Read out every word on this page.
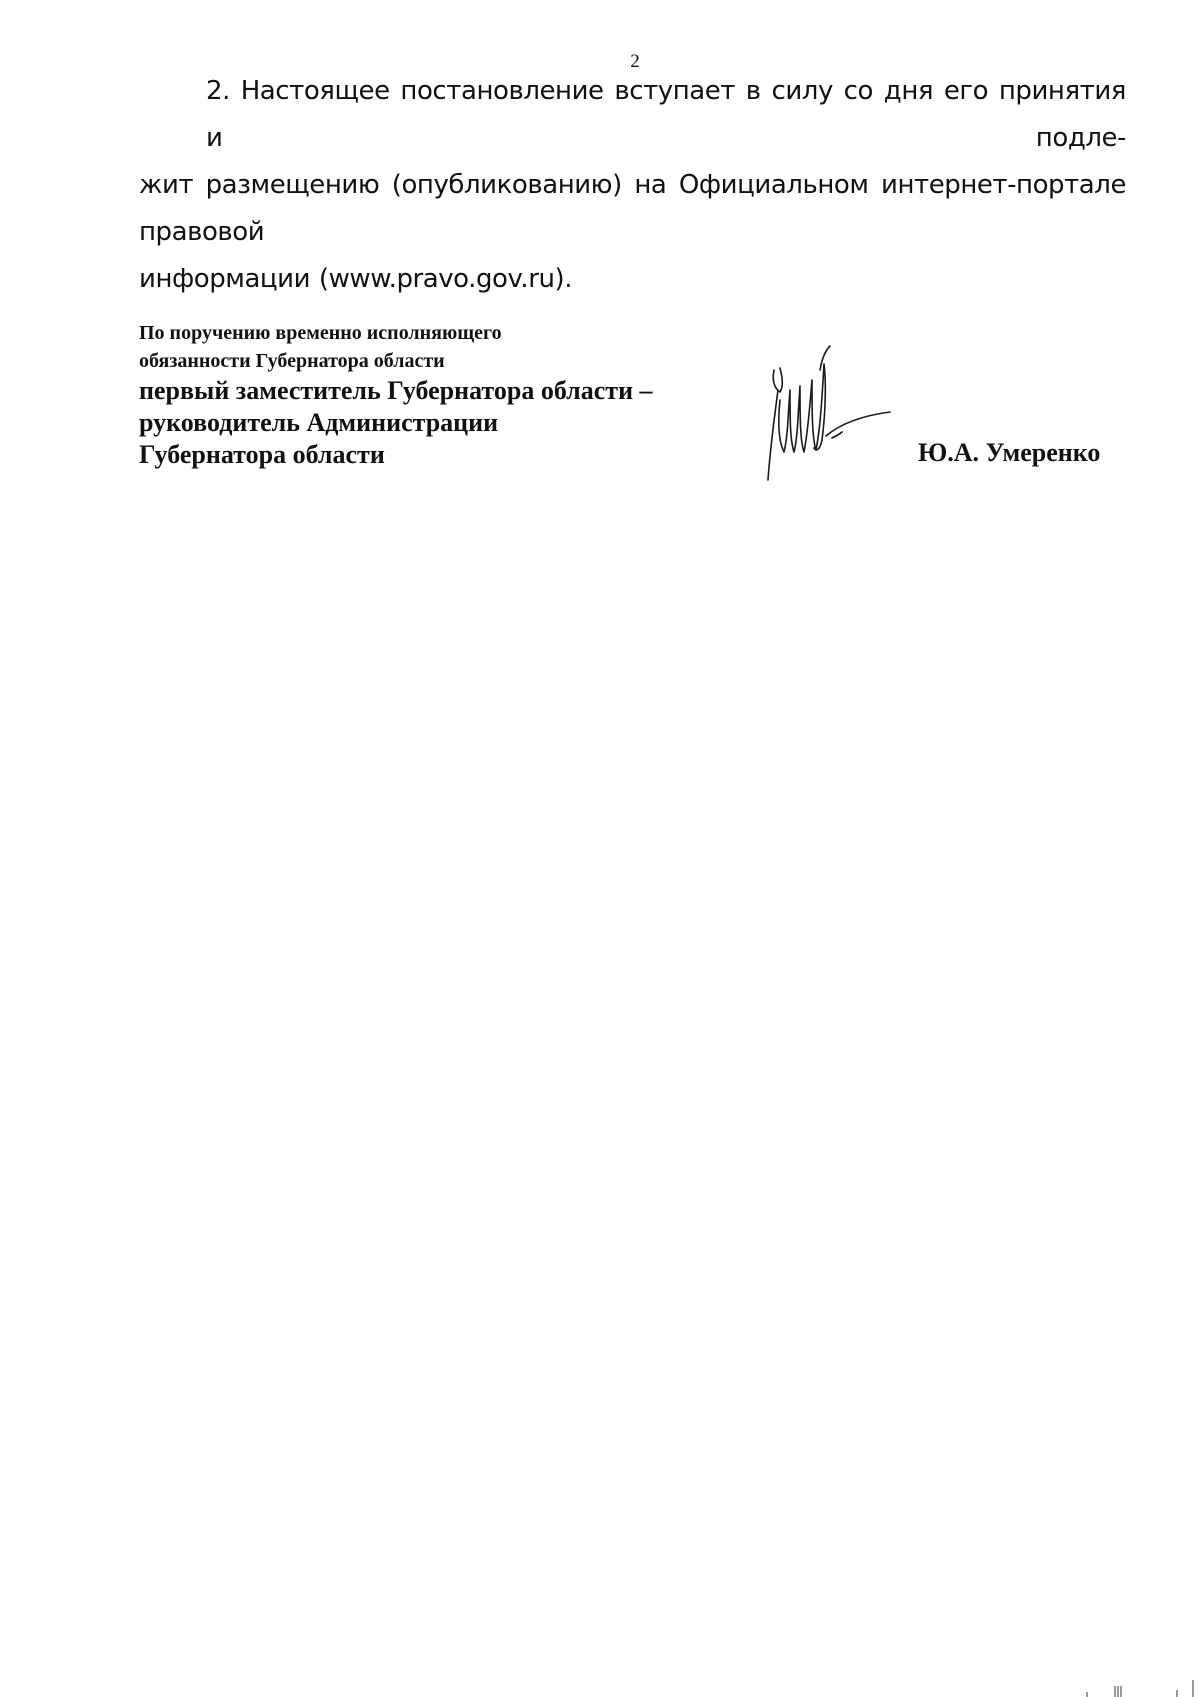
2

2. Настоящее постановление вступает в силу со дня его принятия и подле-
жит размещению (опубликованию) на Официальном интернет-портале правовой
информации (www.pravo.gov.ru).

По поручению временно исполняющего
обязанности Губернатора области
первый заместитель Губернатора области –
руководитель Администрации
Губернатора области	Ю.А. Умеренко
